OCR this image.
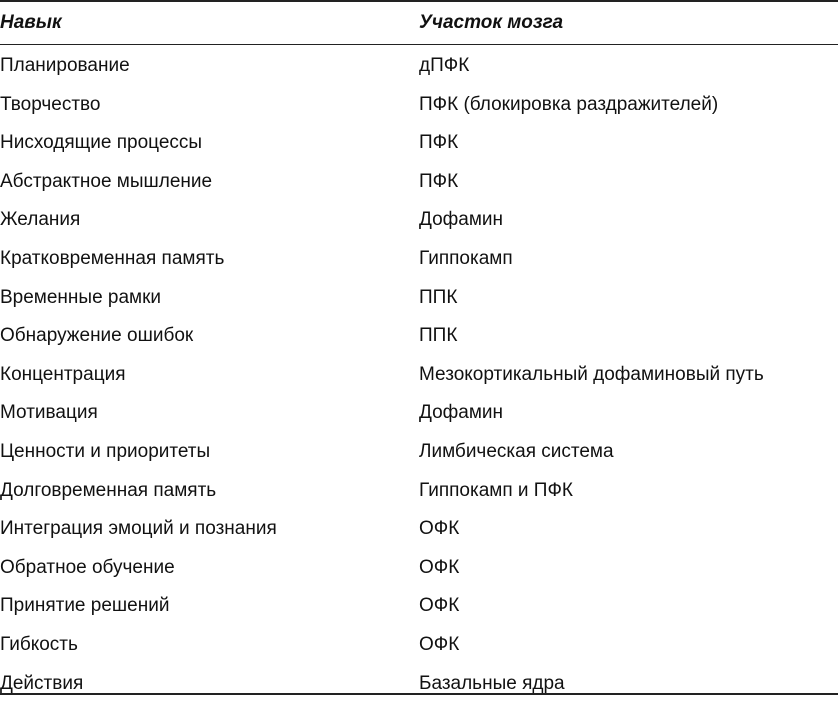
Навык	Участок мозга
Планирование	дПФК
Творчество	ПФК (блокировка раздражителей)
Нисходящие процессы	ПФК
Абстрактное мышление	ПФК
Желания	Дофамин
Кратковременная память	Гиппокамп
Временные рамки	ППК
Обнаружение ошибок	ППК
Концентрация	Мезокортикальный дофаминовый путь
Мотивация	Дофамин
Ценности и приоритеты	Лимбическая система
Долговременная память	Гиппокамп и ПФК
Интеграция эмоций и познания	ОФК
Обратное обучение	ОФК
Принятие решений	ОФК
Гибкость	ОФК
Действия	Базальные ядра
